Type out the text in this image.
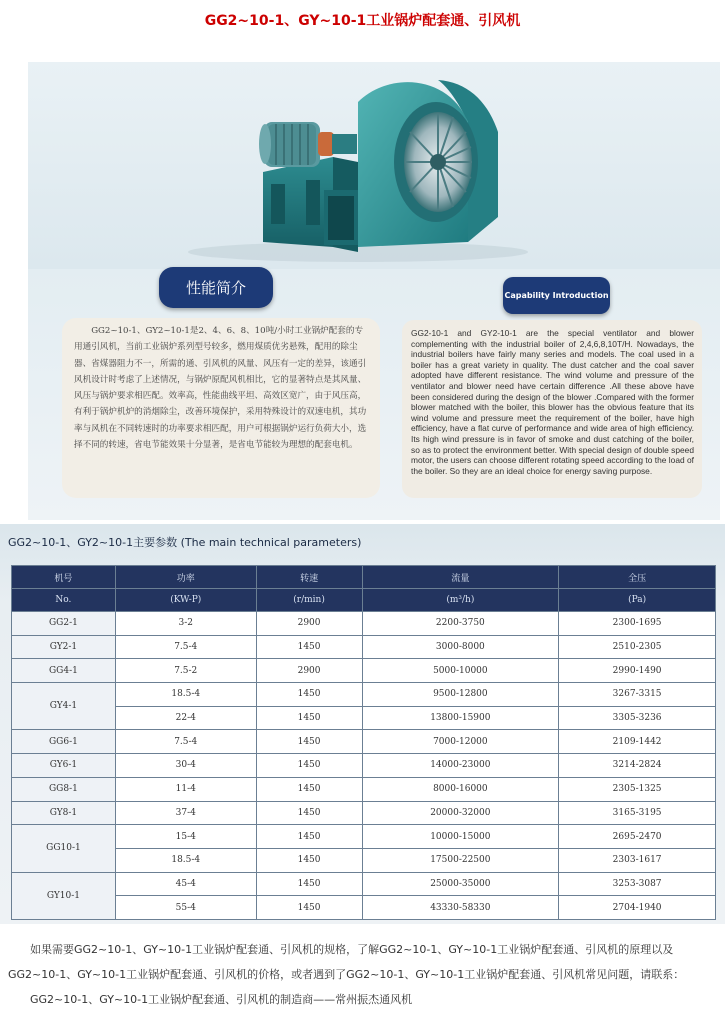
GG2~10-1、GY~10-1工业锅炉配套通、引风机
性能简介	Capability Introduction
GG2~10-1、GY2~10-1是2、4、6、8、10吨/小时工业锅炉配套的专用通引风机，当前工业锅炉系列型号较多，燃用煤质优劣悬殊，配用的除尘器、省煤器阻力不一，所需的通、引风机的风量、风压有一定的差异，该通引风机设计时考虑了上述情况，与锅炉原配风机相比，它的显著特点是其风量、风压与锅炉要求相匹配。效率高，性能曲线平坦、高效区宽广，由于风压高，有利于锅炉机炉的消烟除尘，改善环境保护，采用特殊设计的双速电机，其功率与风机在不同转速时的功率要求相匹配，用户可根据锅炉运行负荷大小，选择不同的转速，省电节能效果十分显著，是省电节能较为理想的配套电机。
GG2-10-1 and GY2-10-1 are the special ventilator and blower complementing with the industrial boiler of 2,4,6,8,10T/H. Nowadays, the industrial boilers have fairly many series and models. The coal used in a boiler has a great variety in quality. The dust catcher and the coal saver adopted have different resistance. The wind volume and pressure of the ventilator and blower need have certain difference .All these above have been considered during the design of the blower .Compared with the former blower matched with the boiler, this blower has the obvious feature that its wind volume and pressure meet the requirement of the boiler, have high efficiency, have a flat curve of performance and wide area of high efficiency. Its high wind pressure is in favor of smoke and dust catching of the boiler, so as to protect the environment better. With special design of double speed motor, the users can choose different rotating speed according to the load of the boiler. So they are an ideal choice for energy saving purpose.
GG2~10-1、GY2~10-1主要参数 (The main technical parameters)
机号	功率	转速	流量	全压
No.	(KW-P)	(r/min)	(m³/h)	(Pa)
GG2-1	3-2	2900	2200-3750	2300-1695
GY2-1	7.5-4	1450	3000-8000	2510-2305
GG4-1	7.5-2	2900	5000-10000	2990-1490
GY4-1	18.5-4	1450	9500-12800	3267-3315
	22-4	1450	13800-15900	3305-3236
GG6-1	7.5-4	1450	7000-12000	2109-1442
GY6-1	30-4	1450	14000-23000	3214-2824
GG8-1	11-4	1450	8000-16000	2305-1325
GY8-1	37-4	1450	20000-32000	3165-3195
GG10-1	15-4	1450	10000-15000	2695-2470
	18.5-4	1450	17500-22500	2303-1617
GY10-1	45-4	1450	25000-35000	3253-3087
	55-4	1450	43330-58330	2704-1940

如果需要GG2~10-1、GY~10-1工业锅炉配套通、引风机的规格，了解GG2~10-1、GY~10-1工业锅炉配套通、引风机的原理以及GG2~10-1、GY~10-1工业锅炉配套通、引风机的价格，或者遇到了GG2~10-1、GY~10-1工业锅炉配套通、引风机常见问题，请联系：
GG2~10-1、GY~10-1工业锅炉配套通、引风机的制造商——常州振杰通风机
